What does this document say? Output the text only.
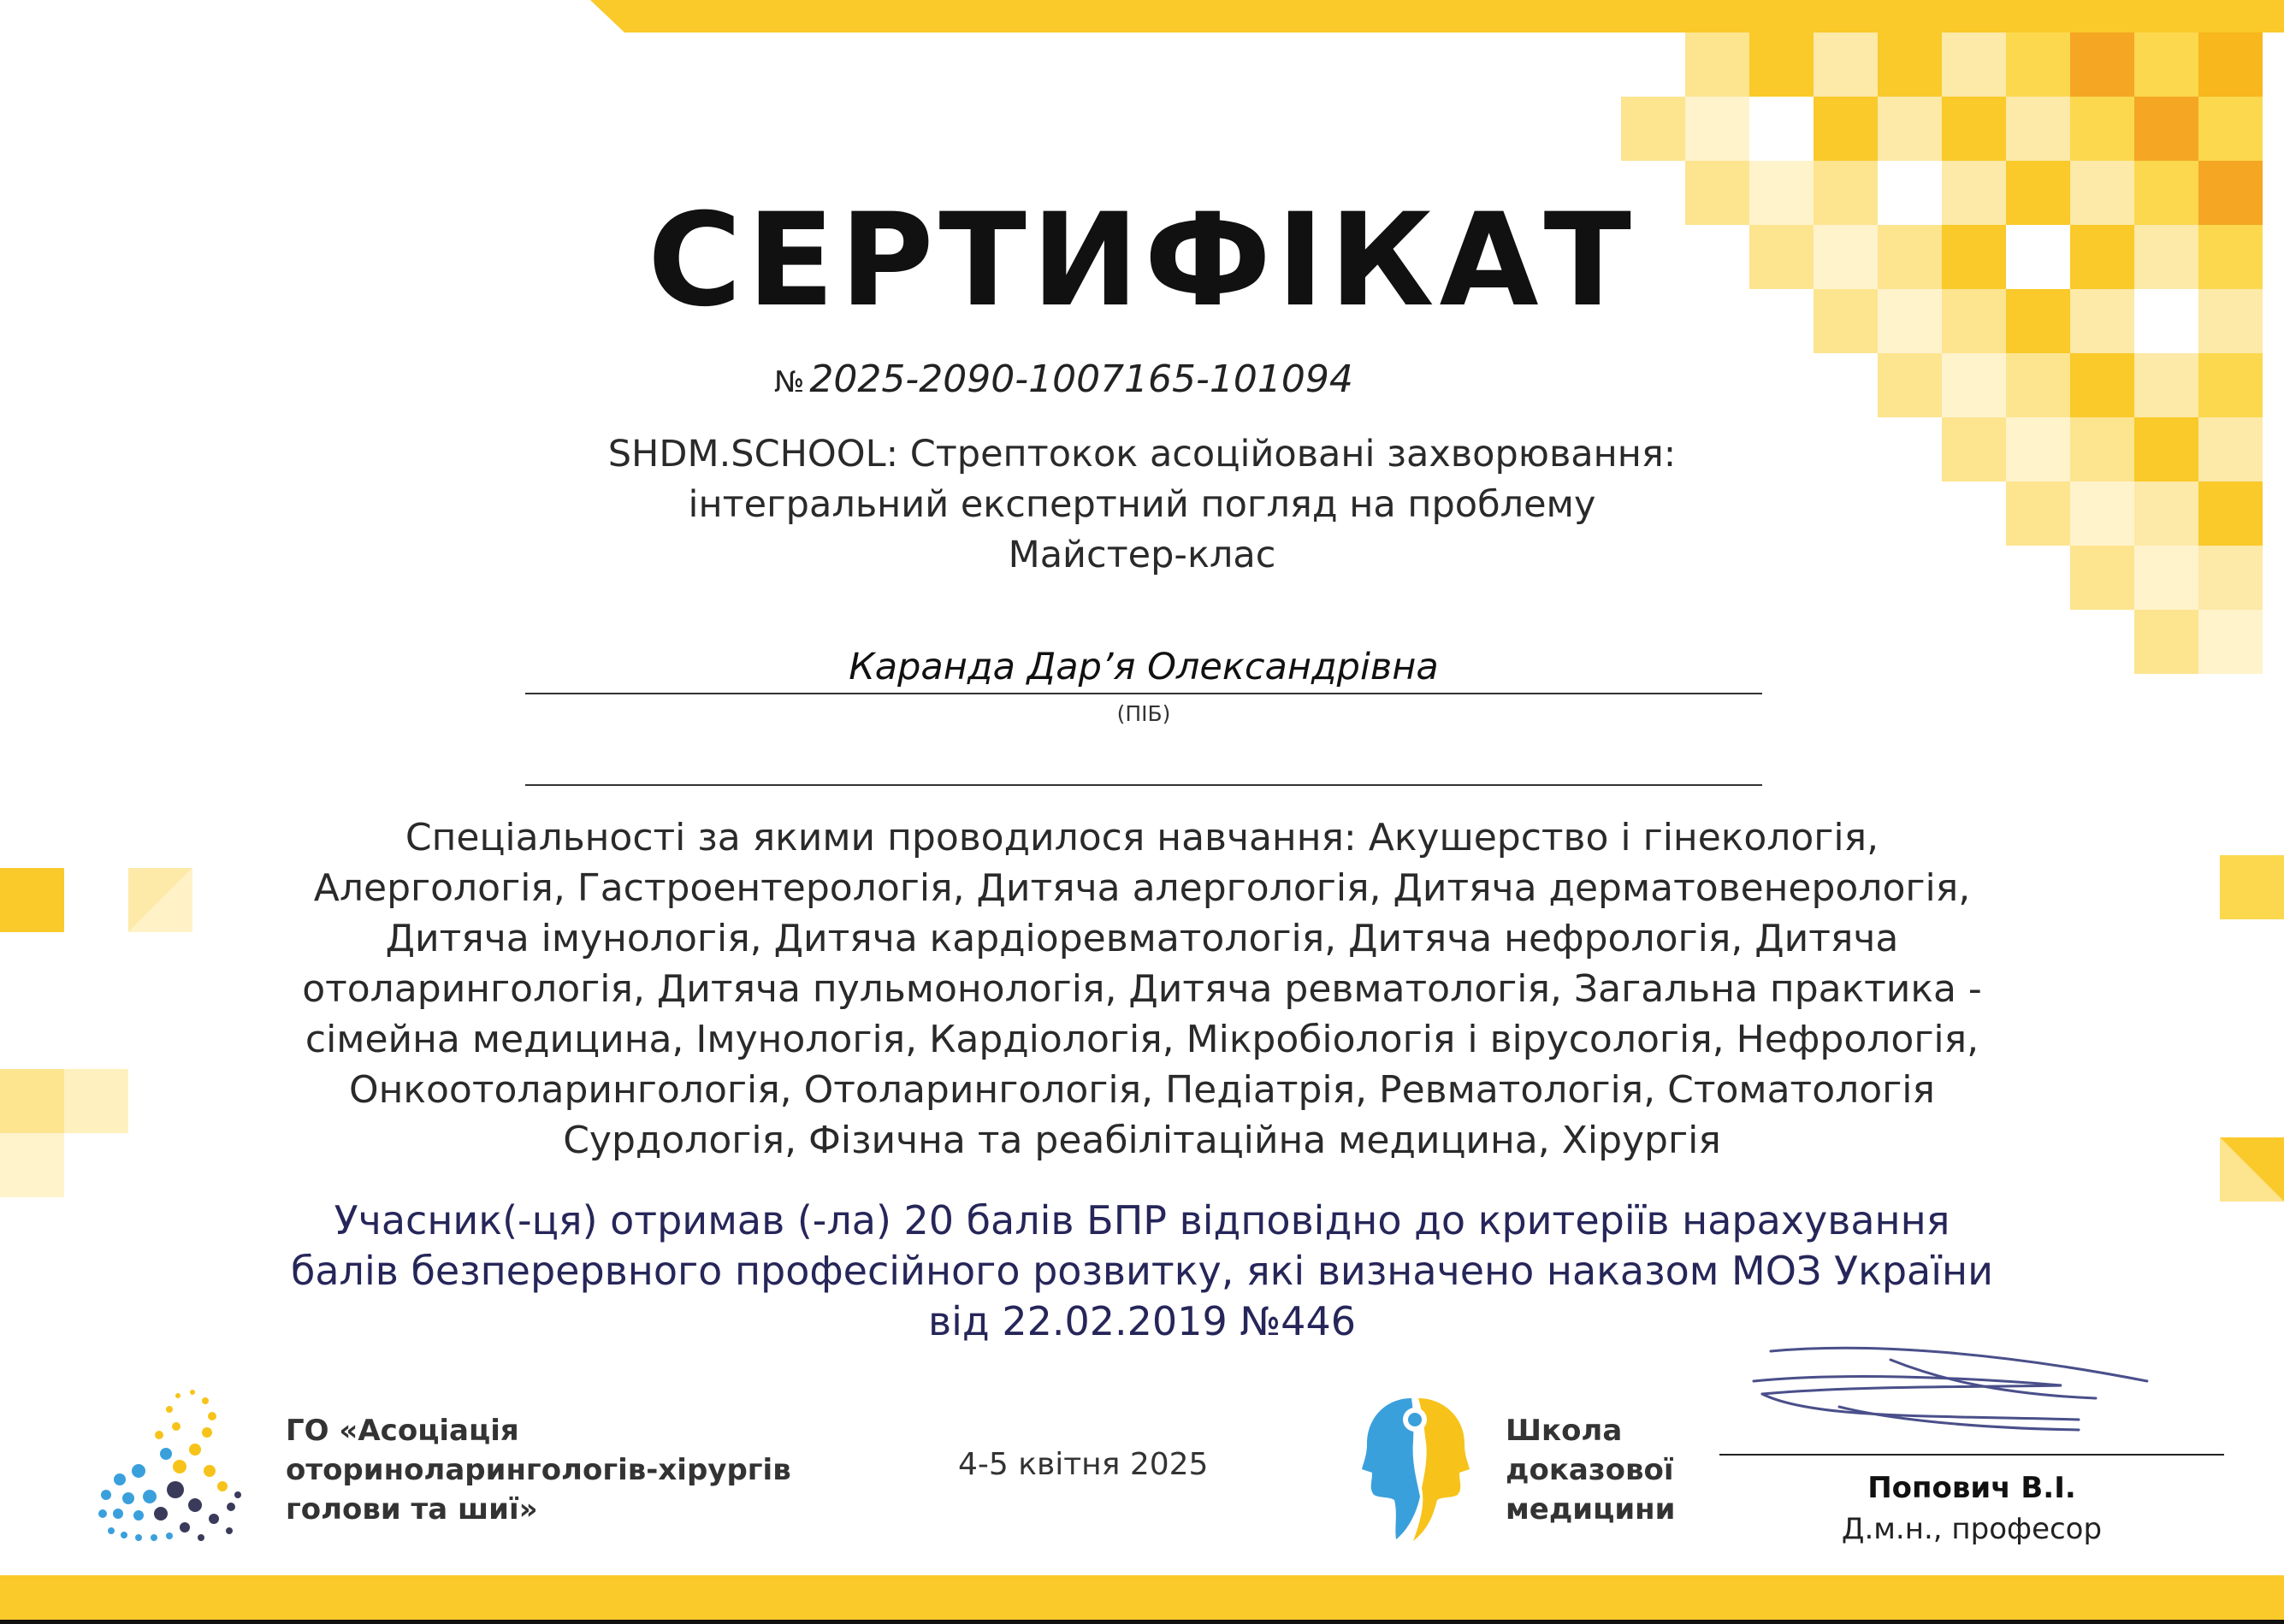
СЕРТИФІКАТ
№ 2025-2090-1007165-101094
SHDM.SCHOOL: Стрептокок асоційовані захворювання:
інтегральний експертний погляд на проблему
Майстер-клас
Каранда Дар’я Олександрівна
(ПІБ)
Спеціальності за якими проводилося навчання: Акушерство і гінекологія,
Алергологія, Гастроентерологія, Дитяча алергологія, Дитяча дерматовенерологія,
Дитяча імунологія, Дитяча кардіоревматологія, Дитяча нефрологія, Дитяча
отоларингологія, Дитяча пульмонологія, Дитяча ревматологія, Загальна практика -
сімейна медицина, Імунологія, Кардіологія, Мікробіологія і вірусологія, Нефрологія,
Онкоотоларингологія, Отоларингологія, Педіатрія, Ревматологія, Стоматологія
Сурдологія, Фізична та реабілітаційна медицина, Хірургія
Учасник(-ця) отримав (-ла) 20 балів БПР відповідно до критеріїв нарахування
балів безперервного професійного розвитку, які визначено наказом МОЗ України
від 22.02.2019 №446
ГО «Асоціація
оториноларингологів-хірургів
голови та шиї»
4-5 квітня 2025
Школа
доказової
медицини
Попович В.І.
Д.м.н., професор
